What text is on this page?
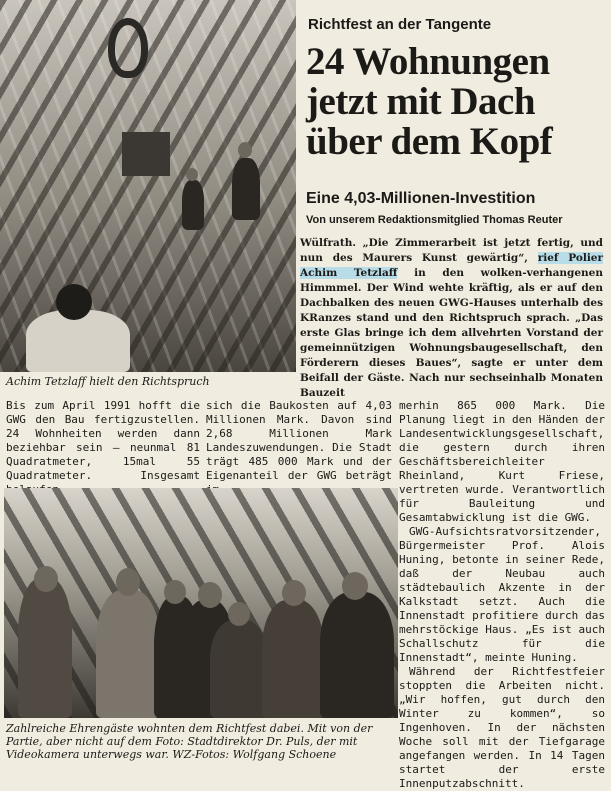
Achim Tetzlaff hielt den Richtspruch
Richtfest an der Tangente
24 Wohnungen
jetzt mit Dach
über dem Kopf
Eine 4,03-Millionen-Investition
Von unserem Redaktionsmitglied Thomas Reuter
Wülfrath. „Die Zimmerarbeit ist jetzt fertig, und nun des Maurers Kunst gewärtig“, rief Polier Achim Tetzlaff in den wolken-verhangenen Himmmel. Der Wind wehte kräftig, als er auf den Dachbalken des neuen GWG-Hauses unterhalb des KRanzes stand und den Richtspruch sprach. „Das erste Glas bringe ich dem allvehrten Vorstand der gemeinnützigen Wohnungsbaugesellschaft, den Förderern dieses Baues“, sagte er unter dem Beifall der Gäste. Nach nur sechseinhalb Monaten Bauzeit
Bis zum April 1991 hofft die GWG den Bau fertigzustellen. 24 Wohnheiten werden dann beziehbar sein — neunmal 81 Quadratmeter, 15mal 55 Quadratmeter. Insgesamt
sich die Baukosten auf 4,03 Millionen Mark. Davon sind 2,68 Millionen Mark Landeszuwendungen. Die Stadt trägt 485 000 Mark und der Eigenanteil der GWG beträgt

merhin 865 000 Mark. Die Planung liegt in den Händen der Landesentwicklungsgesellschaft, die gestern durch ihren Geschäftsbereichleiter Rheinland, Kurt Friese, vertreten wurde. Verantwortlich für Bauleitung und Gesamtabwicklung ist die GWG.

GWG-Aufsichtsratvorsitzender, Bürgermeister Prof. Alois Huning, betonte in seiner Rede, daß der Neubau auch städtebaulich Akzente in der Kalkstadt setzt. Auch die Innenstadt profitiere durch das mehrstöckige Haus. „Es ist auch Schallschutz für die Innenstadt“, meinte Huning.

Während der Richtfestfeier stoppten die Arbeiten nicht. „Wir hoffen, gut durch den Winter zu kommen“, so Ingenhoven. In der nächsten Woche soll mit der Tiefgarage angefangen werden. In 14 Tagen startet der erste Innenputzabschnitt.

Zahlreiche Ehrengäste wohnten dem Richtfest dabei. Mit von der Partie, aber nicht auf dem Foto: Stadtdirektor Dr. Puls, der mit Videokamera unterwegs war. WZ-Fotos: Wolfgang Schoene
